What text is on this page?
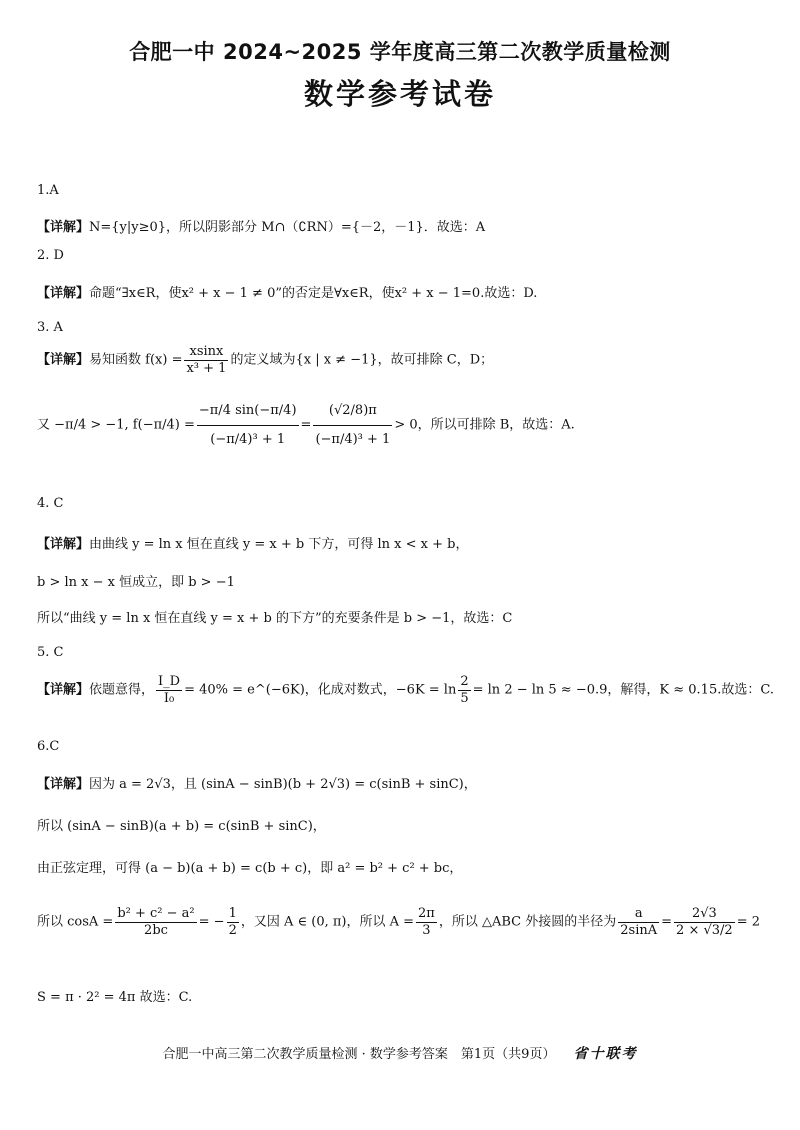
合肥一中 2024~2025 学年度高三第二次教学质量检测
数学参考试卷
1.A
【详解】N={y|y≥0}，所以阴影部分 M∩（∁RN）={－2，－1}．故选：A
2. D
【详解】命题“∃x∈R，使x² + x − 1 ≠ 0”的否定是∀x∈R，使x² + x − 1=0.故选：D.
3. A
【详解】易知函数 $f(x) = \frac{xsinx}{\text{x³ + 1}}$ 的定义域为{x | x ≠ −1}，故可排除 C，D；
又 −π/4 > −1, $f(-\pi/4) = \frac{-\pi/4 \sin(-\pi/4)}{\text{(−π/4)³ + 1}} = \frac{(√2/8)\pi}{\text{(−π/4)³ + 1}} > 0$，所以可排除 B，故选：A.
4. C
【详解】由曲线 y = ln x 恒在直线 y = x + b 下方，可得 ln x < x + b，
b > ln x − x 恒成立，即 b > −1
所以“曲线 y = ln x 恒在直线 y = x + b 的下方”的充要条件是 b > −1，故选：C
5. C
【详解】依题意得， $\frac{I\_D}{\text{I₀}} = 40\%$ = e^(−6K)，化成对数式，$-6K = \ln \frac{2}{5} = \ln 2 - \ln 5 \approx -0.9$，解得，K ≈ 0.15.故选：C.
6.C
【详解】因为 a = 2√3，且 (sinA − sinB)(b + 2√3) = c(sinB + sinC)，
所以 (sinA − sinB)(a + b) = c(sinB + sinC)，
由正弦定理，可得 (a − b)(a + b) = c(b + c)，即 a² = b² + c² + bc，
所以 $\cos A = \frac{\text{b² + c² − a²}}{2bc}$ = − $\frac{1}{2}$ ，又因 A ∈ (0, π)，所以 $A = \frac{2\pi}{3}$ ，所以 △ABC 外接圆的半径为 $\frac{a}{2\sin A} = \frac{2√3}{2 \times √3/2} = 2$
S = π · 2² = 4π 故选：C.
合肥一中高三第二次教学质量检测 · 数学参考答案　第1页（共9页） 省十联考
